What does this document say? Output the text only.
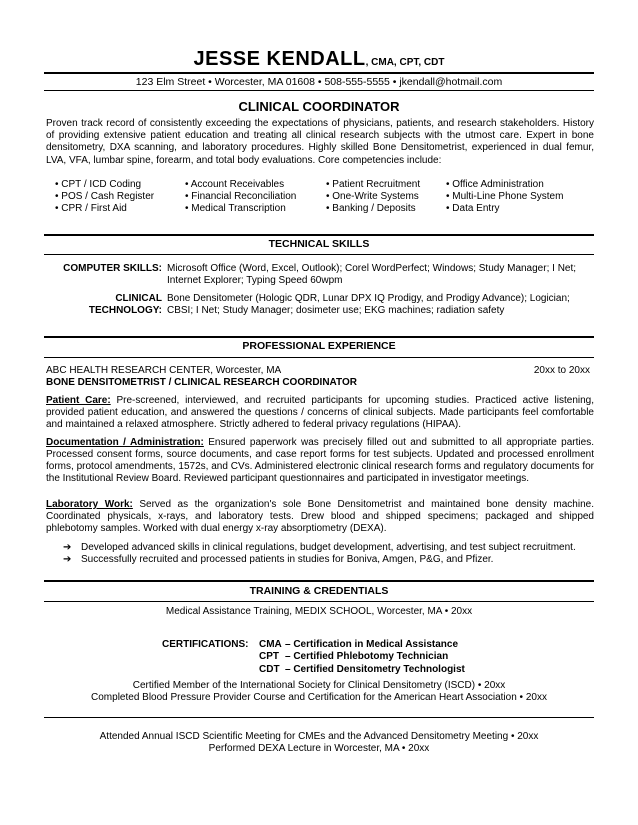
JESSE KENDALL, CMA, CPT, CDT
123 Elm Street • Worcester, MA 01608 • 508-555-5555 • jkendall@hotmail.com
CLINICAL COORDINATOR
Proven track record of consistently exceeding the expectations of physicians, patients, and research stakeholders. History of providing extensive patient education and treating all clinical research subjects with the utmost care. Expert in bone densitometry, DXA scanning, and laboratory procedures. Highly skilled Bone Densitometrist, experienced in dual femur, LVA, VFA, lumbar spine, forearm, and total body evaluations. Core competencies include:
• CPT / ICD Coding
• POS / Cash Register
• CPR / First Aid
• Account Receivables
• Financial Reconciliation
• Medical Transcription
• Patient Recruitment
• One-Write Systems
• Banking / Deposits
• Office Administration
• Multi-Line Phone System
• Data Entry
TECHNICAL SKILLS
COMPUTER SKILLS: Microsoft Office (Word, Excel, Outlook); Corel WordPerfect; Windows; Study Manager; I Net; Internet Explorer; Typing Speed 60wpm
CLINICAL TECHNOLOGY:
Bone Densitometer (Hologic QDR, Lunar DPX IQ Prodigy, and Prodigy Advance); Logician; CBSI; I Net; Study Manager; dosimeter use; EKG machines; radiation safety
PROFESSIONAL EXPERIENCE
ABC HEALTH RESEARCH CENTER, Worcester, MA	20xx to 20xx
BONE DENSITOMETRIST / CLINICAL RESEARCH COORDINATOR
Patient Care: Pre-screened, interviewed, and recruited participants for upcoming studies. Practiced active listening, provided patient education, and answered the questions / concerns of clinical subjects. Made participants feel comfortable and maintained a relaxed atmosphere. Strictly adhered to federal privacy regulations (HIPAA).
Documentation / Administration: Ensured paperwork was precisely filled out and submitted to all appropriate parties. Processed consent forms, source documents, and case report forms for test subjects. Updated and processed enrollment forms, protocol amendments, 1572s, and CVs. Administered electronic clinical research forms and regulatory documents for the Institutional Review Board. Reviewed participant questionnaires and participated in investigator meetings.
Laboratory Work: Served as the organization's sole Bone Densitometrist and maintained bone density machine. Coordinated physicals, x-rays, and laboratory tests. Drew blood and shipped specimens; packaged and shipped phlebotomy samples. Worked with dual energy x-ray absorptiometry (DEXA).
➔ Developed advanced skills in clinical regulations, budget development, advertising, and test subject recruitment.
➔ Successfully recruited and processed patients in studies for Boniva, Amgen, P&G, and Pfizer.
TRAINING & CREDENTIALS
Medical Assistance Training, MEDIX SCHOOL, Worcester, MA • 20xx
CERTIFICATIONS: CMA – Certification in Medical Assistance
CPT – Certified Phlebotomy Technician
CDT – Certified Densitometry Technologist
Certified Member of the International Society for Clinical Densitometry (ISCD) • 20xx
Completed Blood Pressure Provider Course and Certification for the American Heart Association • 20xx
Attended Annual ISCD Scientific Meeting for CMEs and the Advanced Densitometry Meeting • 20xx
Performed DEXA Lecture in Worcester, MA • 20xx
